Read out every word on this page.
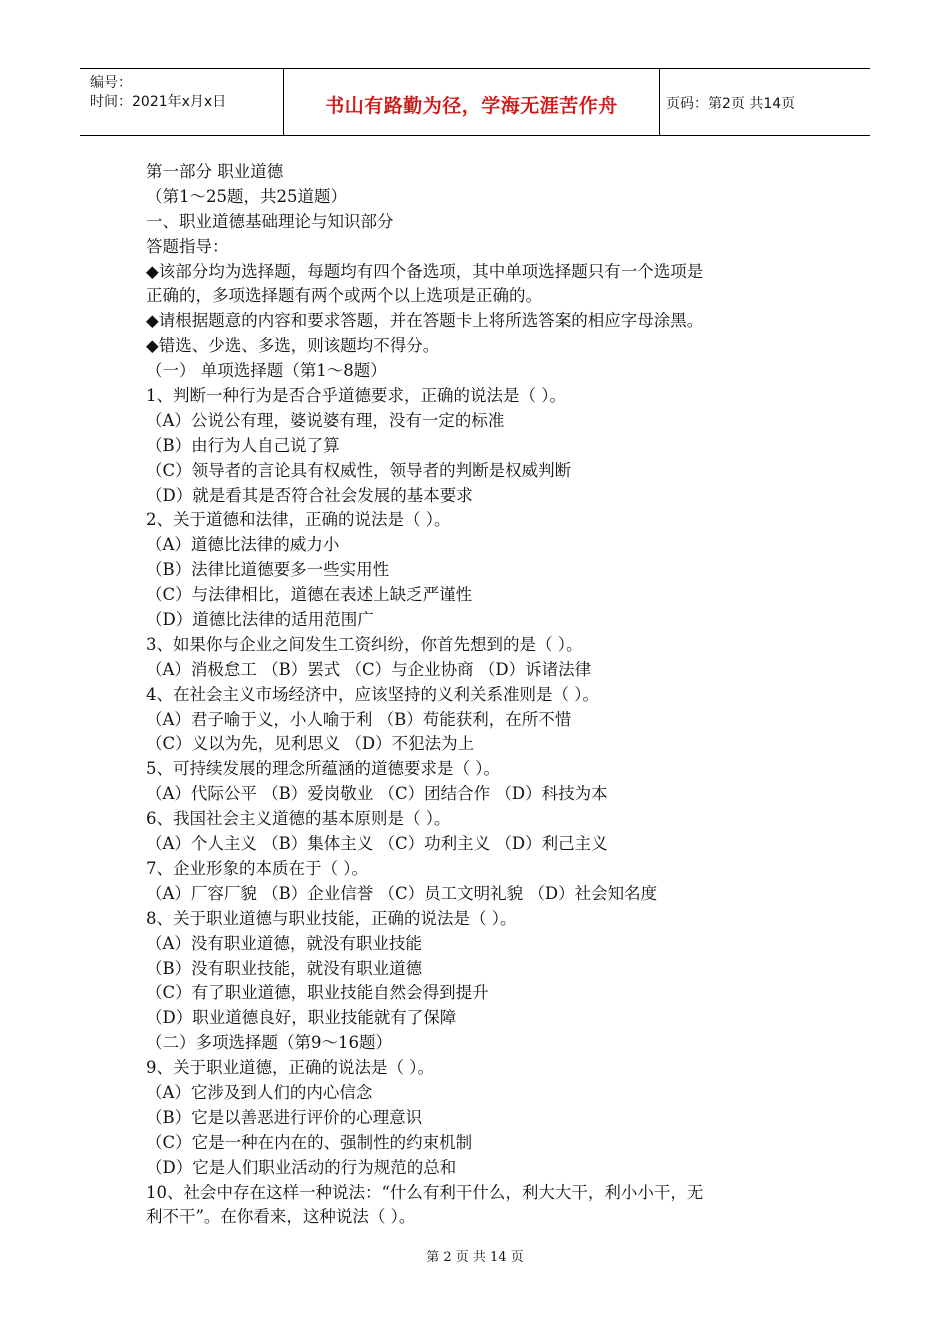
编号：
时间：2021年x月x日	书山有路勤为径，学海无涯苦作舟	页码：第2页 共14页
第一部分 职业道德
（第1～25题，共25道题）
一、职业道德基础理论与知识部分
答题指导：
◆该部分均为选择题，每题均有四个备选项，其中单项选择题只有一个选项是
正确的，多项选择题有两个或两个以上选项是正确的。
◆请根据题意的内容和要求答题，并在答题卡上将所选答案的相应字母涂黑。
◆错选、少选、多选，则该题均不得分。
（一） 单项选择题（第1～8题）
1、判断一种行为是否合乎道德要求，正确的说法是（ ）。
（A）公说公有理，婆说婆有理，没有一定的标准
（B）由行为人自己说了算
（C）领导者的言论具有权威性，领导者的判断是权威判断
（D）就是看其是否符合社会发展的基本要求
2、关于道德和法律，正确的说法是（ ）。
（A）道德比法律的威力小
（B）法律比道德要多一些实用性
（C）与法律相比，道德在表述上缺乏严谨性
（D）道德比法律的适用范围广
3、如果你与企业之间发生工资纠纷，你首先想到的是（ ）。
（A）消极怠工 （B）罢式 （C）与企业协商 （D）诉诸法律
4、在社会主义市场经济中，应该坚持的义利关系准则是（ ）。
（A）君子喻于义，小人喻于利 （B）苟能获利，在所不惜
（C）义以为先，见利思义 （D）不犯法为上
5、可持续发展的理念所蕴涵的道德要求是（ ）。
（A）代际公平 （B）爱岗敬业 （C）团结合作 （D）科技为本
6、我国社会主义道德的基本原则是（ ）。
（A）个人主义 （B）集体主义 （C）功利主义 （D）利己主义
7、企业形象的本质在于（ ）。
（A）厂容厂貌 （B）企业信誉 （C）员工文明礼貌 （D）社会知名度
8、关于职业道德与职业技能，正确的说法是（ ）。
（A）没有职业道德，就没有职业技能
（B）没有职业技能，就没有职业道德
（C）有了职业道德，职业技能自然会得到提升
（D）职业道德良好，职业技能就有了保障
（二）多项选择题（第9～16题）
9、关于职业道德，正确的说法是（ ）。
（A）它涉及到人们的内心信念
（B）它是以善恶进行评价的心理意识
（C）它是一种在内在的、强制性的约束机制
（D）它是人们职业活动的行为规范的总和
10、社会中存在这样一种说法：“什么有利干什么，利大大干，利小小干，无
利不干”。在你看来，这种说法（ ）。
第 2 页 共 14 页
